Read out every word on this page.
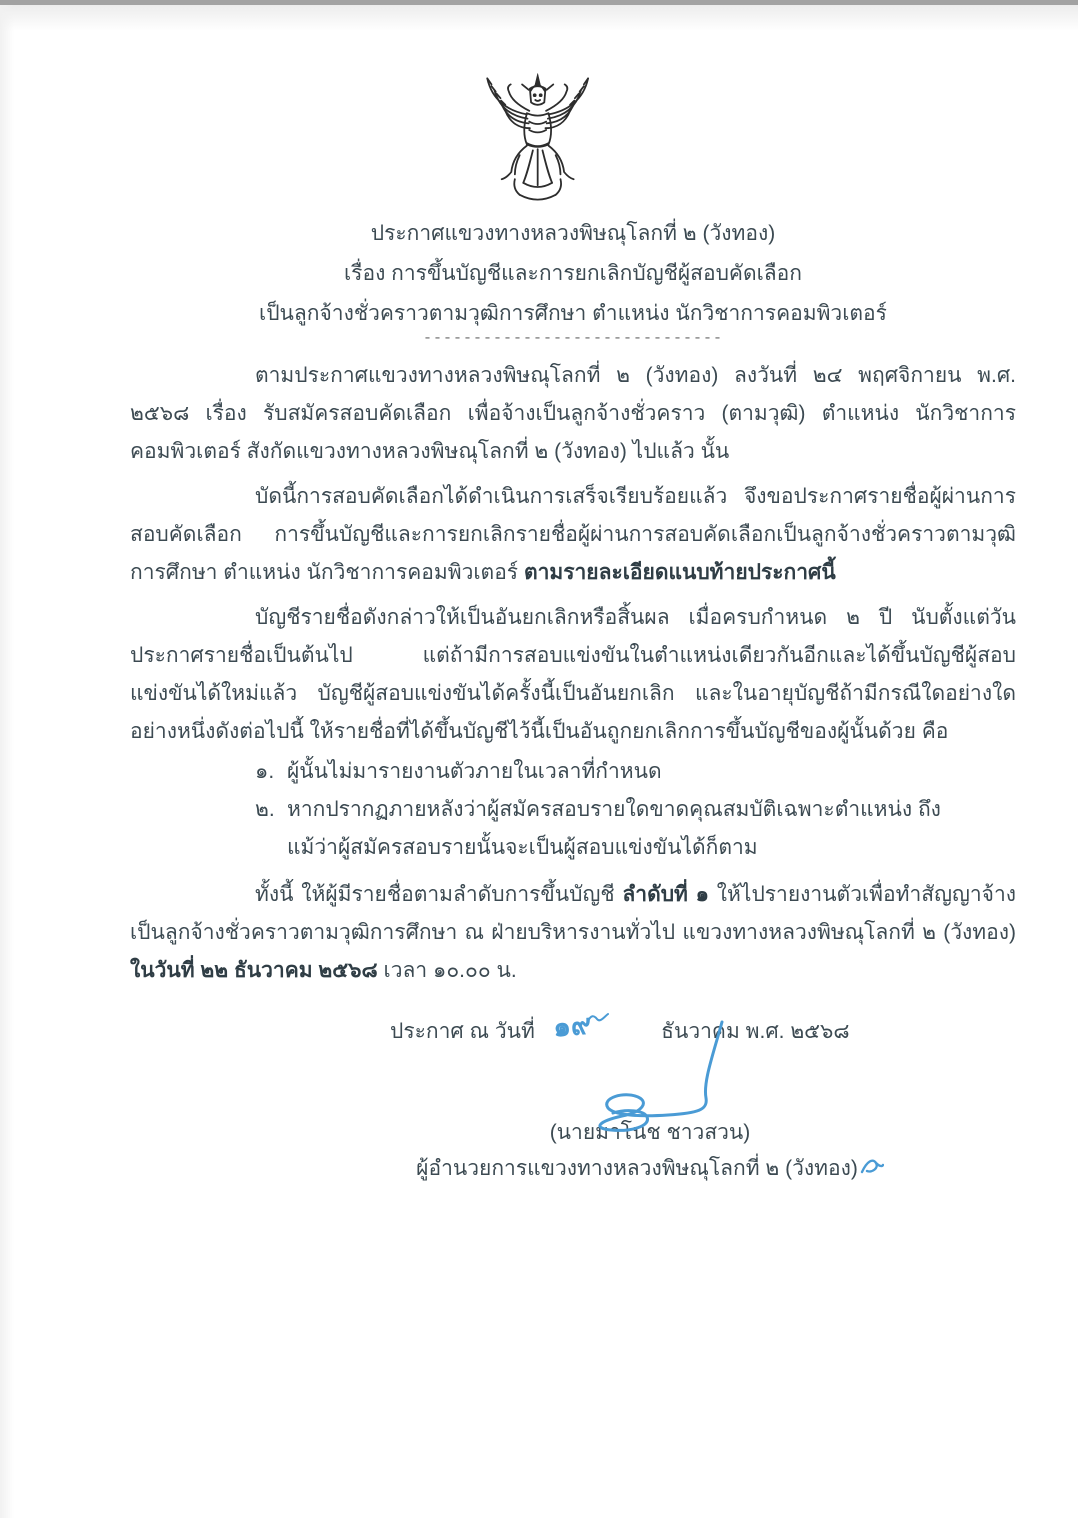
ประกาศแขวงทางหลวงพิษณุโลกที่ ๒ (วังทอง)
เรื่อง การขึ้นบัญชีและการยกเลิกบัญชีผู้สอบคัดเลือก
เป็นลูกจ้างชั่วคราวตามวุฒิการศึกษา ตำแหน่ง นักวิชาการคอมพิวเตอร์
------------------------------

ตามประกาศแขวงทางหลวงพิษณุโลกที่ ๒ (วังทอง) ลงวันที่ ๒๔ พฤศจิกายน พ.ศ. ๒๕๖๘ เรื่อง รับสมัครสอบคัดเลือก เพื่อจ้างเป็นลูกจ้างชั่วคราว (ตามวุฒิ) ตำแหน่ง นักวิชาการคอมพิวเตอร์ สังกัดแขวงทางหลวงพิษณุโลกที่ ๒ (วังทอง) ไปแล้ว นั้น

บัดนี้การสอบคัดเลือกได้ดำเนินการเสร็จเรียบร้อยแล้ว จึงขอประกาศรายชื่อผู้ผ่านการสอบคัดเลือก การขึ้นบัญชีและการยกเลิกรายชื่อผู้ผ่านการสอบคัดเลือกเป็นลูกจ้างชั่วคราวตามวุฒิการศึกษา ตำแหน่ง นักวิชาการคอมพิวเตอร์ ตามรายละเอียดแนบท้ายประกาศนี้

บัญชีรายชื่อดังกล่าวให้เป็นอันยกเลิกหรือสิ้นผล เมื่อครบกำหนด ๒ ปี นับตั้งแต่วันประกาศรายชื่อเป็นต้นไป แต่ถ้ามีการสอบแข่งขันในตำแหน่งเดียวกันอีกและได้ขึ้นบัญชีผู้สอบแข่งขันได้ใหม่แล้ว บัญชีผู้สอบแข่งขันได้ครั้งนี้เป็นอันยกเลิก และในอายุบัญชีถ้ามีกรณีใดอย่างใดอย่างหนึ่งดังต่อไปนี้ ให้รายชื่อที่ได้ขึ้นบัญชีไว้นี้เป็นอันถูกยกเลิกการขึ้นบัญชีของผู้นั้นด้วย คือ

๑. ผู้นั้นไม่มารายงานตัวภายในเวลาที่กำหนด
๒. หากปรากฏภายหลังว่าผู้สมัครสอบรายใดขาดคุณสมบัติเฉพาะตำแหน่ง ถึงแม้ว่าผู้สมัครสอบรายนั้นจะเป็นผู้สอบแข่งขันได้ก็ตาม

ทั้งนี้ ให้ผู้มีรายชื่อตามลำดับการขึ้นบัญชี ลำดับที่ ๑ ให้ไปรายงานตัวเพื่อทำสัญญาจ้างเป็นลูกจ้างชั่วคราวตามวุฒิการศึกษา ณ ฝ่ายบริหารงานทั่วไป แขวงทางหลวงพิษณุโลกที่ ๒ (วังทอง) ในวันที่ ๒๒ ธันวาคม ๒๕๖๘ เวลา ๑๐.๐๐ น.

ประกาศ ณ วันที่ ๑๙	ธันวาคม พ.ศ. ๒๕๖๘
(นายมาโนช ชาวสวน)
ผู้อำนวยการแขวงทางหลวงพิษณุโลกที่ ๒ (วังทอง)
